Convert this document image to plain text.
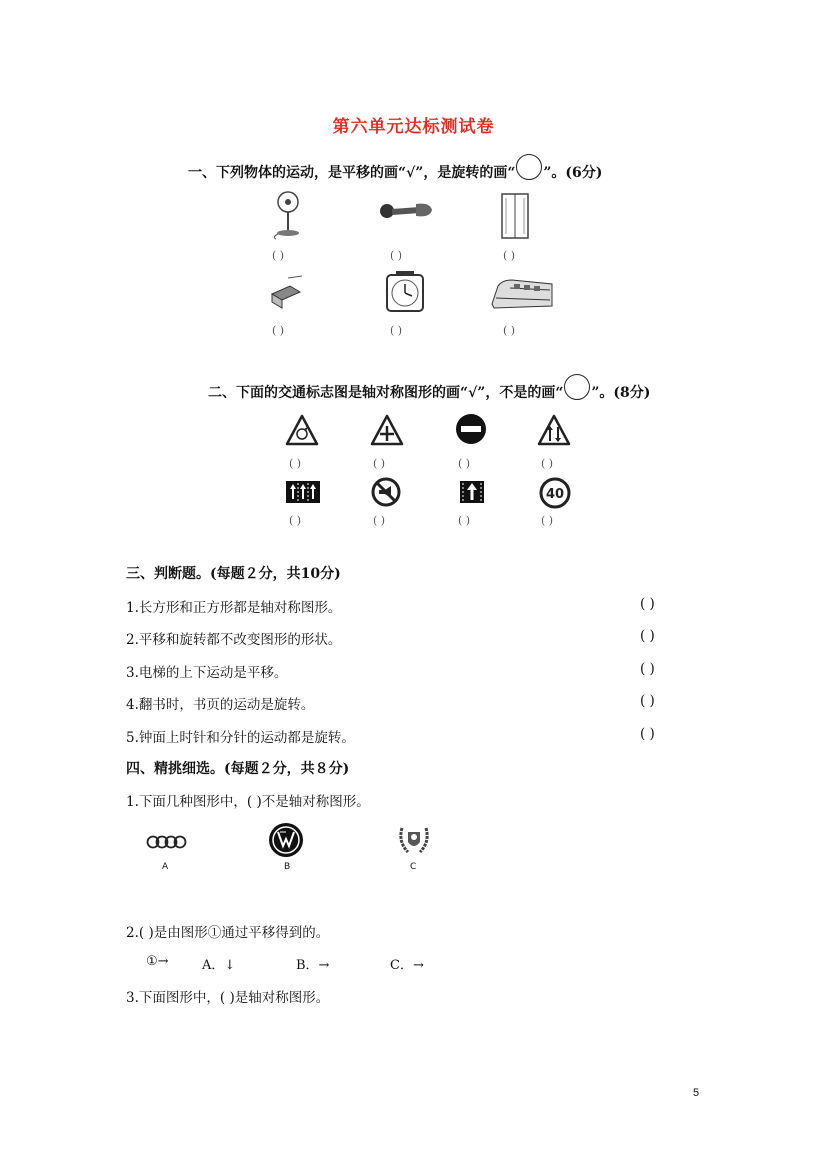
第六单元达标测试卷
一、下列物体的运动，是平移的画“√”，是旋转的画“ ”。(6分)
( )	( )	( )
( )	( )	( )
二、下面的交通标志图是轴对称图形的画“√”，不是的画“ ”。(8分)
( )	( )	( )	( )
40
( )	( )	( )	( )
三、判断题。(每题２分，共10分)
1.长方形和正方形都是轴对称图形。	( )
2.平移和旋转都不改变图形的形状。	( )
3.电梯的上下运动是平移。	( )
4.翻书时，书页的运动是旋转。	( )
5.钟面上时针和分针的运动都是旋转。	( )
四、精挑细选。(每题２分，共８分)
1.下面几种图形中，( )不是轴对称图形。
A	B	C
2.( )是由图形①通过平移得到的。
①→	A．↓	B．→	C．→
3.下面图形中，( )是轴对称图形。
5
